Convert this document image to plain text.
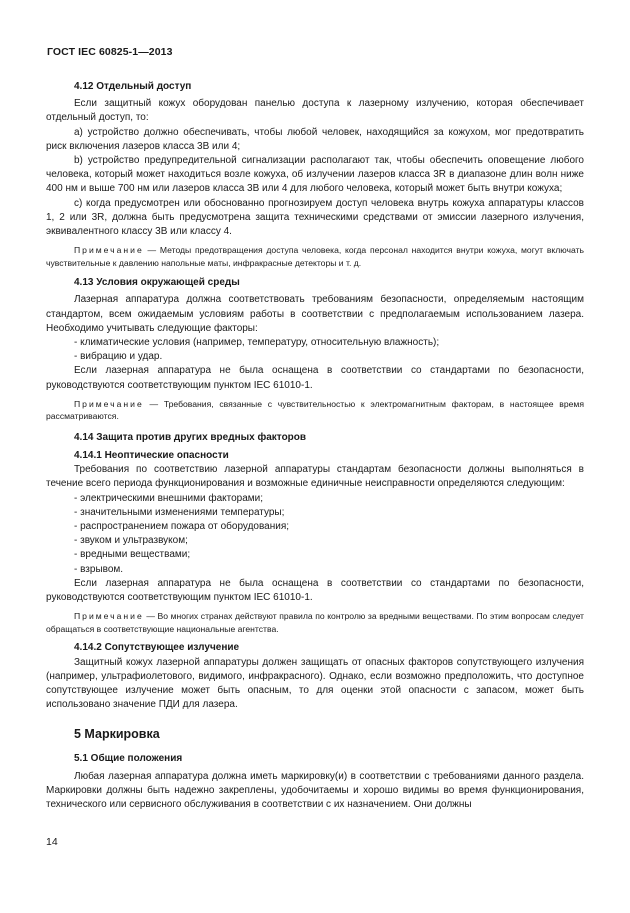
ГОСТ IEC 60825-1—2013

4.12 Отдельный доступ

Если защитный кожух оборудован панелью доступа к лазерному излучению, которая обеспечивает отдельный доступ, то:

а) устройство должно обеспечивать, чтобы любой человек, находящийся за кожухом, мог предотвратить риск включения лазеров класса 3В или 4;

b) устройство предупредительной сигнализации располагают так, чтобы обеспечить оповещение любого человека, который может находиться возле кожуха, об излучении лазеров класса 3R в диапазоне длин волн ниже 400 нм и выше 700 нм или лазеров класса 3В или 4 для любого человека, который может быть внутри кожуха;

с) когда предусмотрен или обоснованно прогнозируем доступ человека внутрь кожуха аппаратуры классов 1, 2 или 3R, должна быть предусмотрена защита техническими средствами от эмиссии лазерного излучения, эквивалентного классу 3В или классу 4.

Примечание — Методы предотвращения доступа человека, когда персонал находится внутри кожуха, могут включать чувствительные к давлению напольные маты, инфракрасные детекторы и т. д.

4.13 Условия окружающей среды

Лазерная аппаратура должна соответствовать требованиям безопасности, определяемым настоящим стандартом, всем ожидаемым условиям работы в соответствии с предполагаемым использованием лазера. Необходимо учитывать следующие факторы:

- климатические условия (например, температуру, относительную влажность);

- вибрацию и удар.

Если лазерная аппаратура не была оснащена в соответствии со стандартами по безопасности, руководствуются соответствующим пунктом IEC 61010-1.

Примечание — Требования, связанные с чувствительностью к электромагнитным факторам, в настоящее время рассматриваются.

4.14 Защита против других вредных факторов

4.14.1 Неоптические опасности

Требования по соответствию лазерной аппаратуры стандартам безопасности должны выполняться в течение всего периода функционирования и возможные единичные неисправности определяются следующим:

- электрическими внешними факторами;

- значительными изменениями температуры;

- распространением пожара от оборудования;

- звуком и ультразвуком;

- вредными веществами;

- взрывом.

Если лазерная аппаратура не была оснащена в соответствии со стандартами по безопасности, руководствуются соответствующим пунктом IEC 61010-1.

Примечание — Во многих странах действуют правила по контролю за вредными веществами. По этим вопросам следует обращаться в соответствующие национальные агентства.

4.14.2 Сопутствующее излучение

Защитный кожух лазерной аппаратуры должен защищать от опасных факторов сопутствующего излучения (например, ультрафиолетового, видимого, инфракрасного). Однако, если возможно предположить, что доступное сопутствующее излучение может быть опасным, то для оценки этой опасности с запасом, может быть использовано значение ПДИ для лазера.

5 Маркировка

5.1 Общие положения

Любая лазерная аппаратура должна иметь маркировку(и) в соответствии с требованиями данного раздела. Маркировки должны быть надежно закреплены, удобочитаемы и хорошо видимы во время функционирования, технического или сервисного обслуживания в соответствии с их назначением. Они должны

14
